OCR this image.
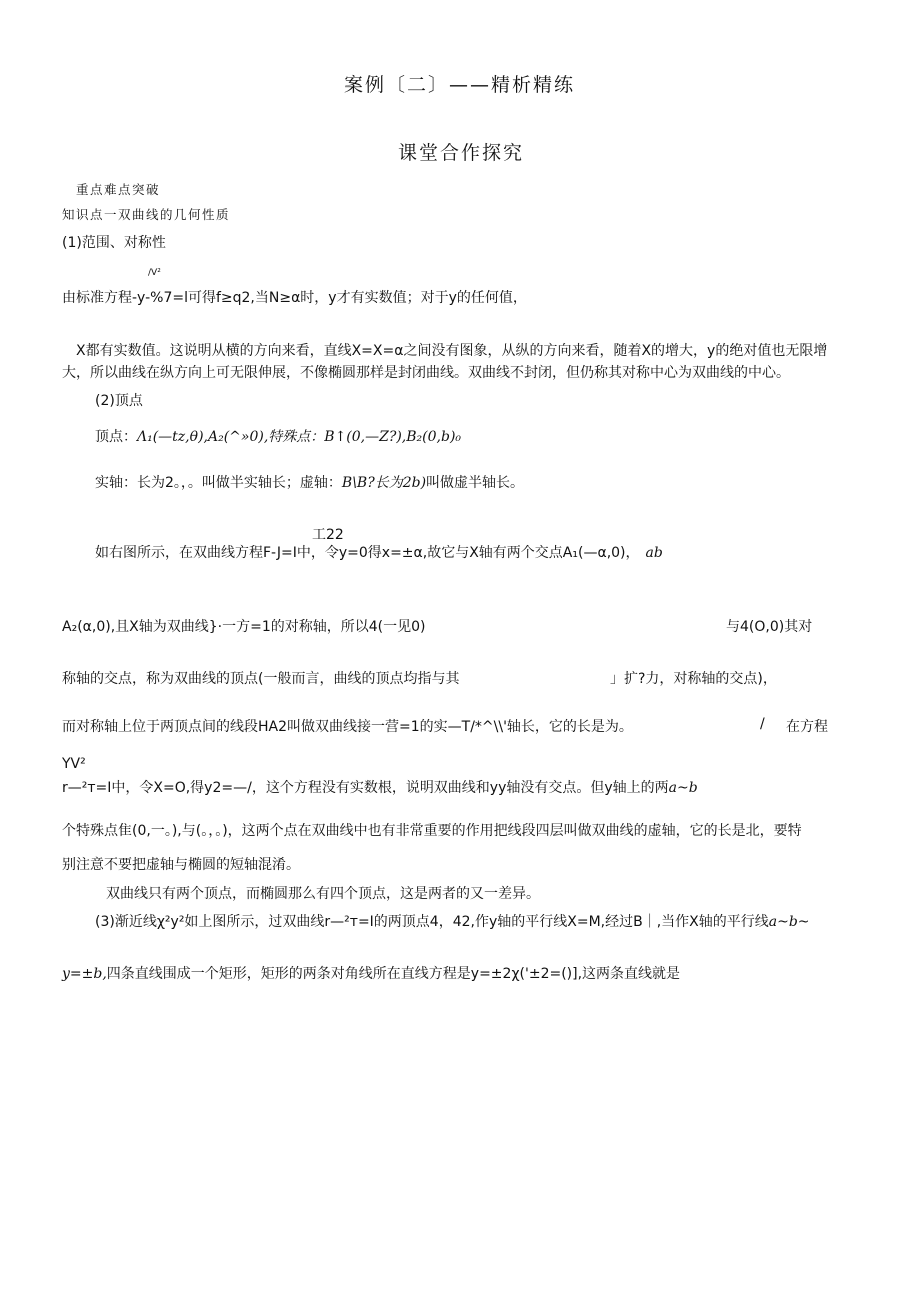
案例〔二〕——精析精练
课堂合作探究
重点难点突破
知识点一双曲线的几何性质
(1)范围、对称性
/V²
由标准方程-y-%7=l可得f≥q2,当N≥α时，y才有实数值；对于y的任何值，
X都有实数值。这说明从横的方向来看，直线X=X=α之间没有图象，从纵的方向来看，随着X的增大，y的绝对值也无限增
大，所以曲线在纵方向上可无限伸展，不像椭圆那样是封闭曲线。双曲线不封闭，但仍称其对称中心为双曲线的中心。
(2)顶点
顶点：Λ₁(—tz,θ),A₂(^»0),特殊点：B↑(0,—Z?),B₂(0,b)₀
实轴：长为2。，。叫做半实轴长；虚轴：B\B?长为2b)叫做虚半轴长。
工22
如右图所示，在双曲线方程F-J=I中，令y=0得x=±α,故它与X轴有两个交点A₁(—α,0)， ab
A₂(α,0),且X轴为双曲线}·一方=1的对称轴，所以4(一见0)	与4(O,0)其对
称轴的交点，称为双曲线的顶点(一般而言，曲线的顶点均指与其	」扩?力，对称轴的交点)，
而对称轴上位于两顶点间的线段HA2叫做双曲线接一营=1的实—T/*^\\'轴长，它的长是为。	/ 在方程
YV²
r—²ᴛ=I中，令X=O,得y2=—/，这个方程没有实数根，说明双曲线和yy轴没有交点。但y轴上的两a~b
个特殊点隹(0,一。),与(。，。)，这两个点在双曲线中也有非常重要的作用把线段四层叫做双曲线的虚轴，它的长是北，要特
别注意不要把虚轴与椭圆的短轴混淆。
双曲线只有两个顶点，而椭圆那么有四个顶点，这是两者的又一差异。
(3)渐近线χ²y²如上图所示，过双曲线r—²ᴛ=I的两顶点4，42,作y轴的平行线X=M,经过B｜,当作X轴的平行线a~b~
y=±b,四条直线围成一个矩形，矩形的两条对角线所在直线方程是y=±2χ('±2=()],这两条直线就是
